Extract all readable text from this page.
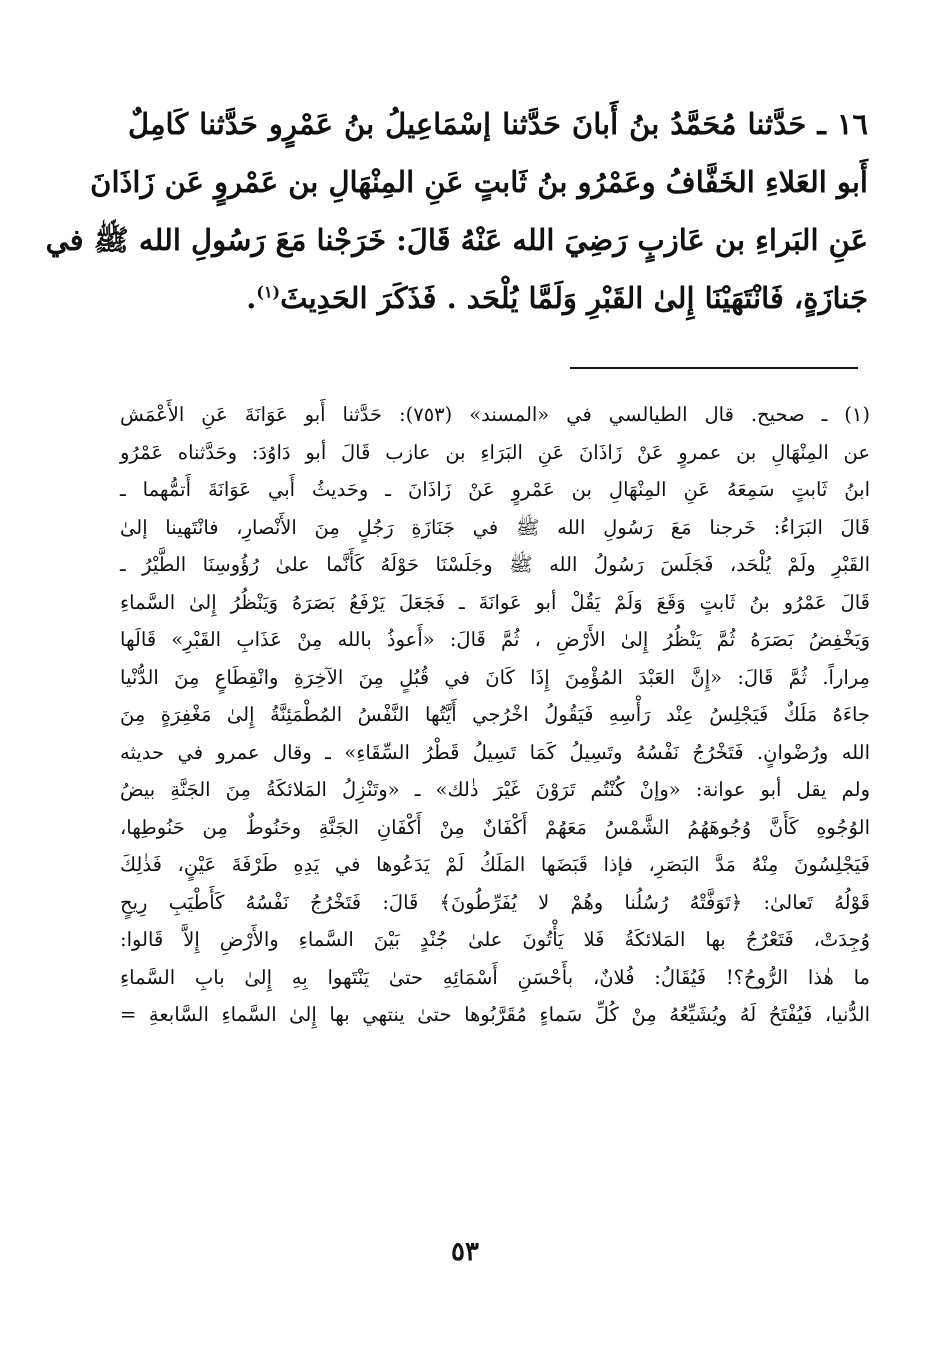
١٦ ـ حَدَّثنا مُحَمَّدُ بنُ أَبانَ حَدَّثنا إسْمَاعِيلُ بنُ عَمْرٍو حَدَّثنا كَامِلٌ
أَبو العَلاءِ الخَفَّافُ وعَمْرُو بنُ ثَابتٍ عَنِ المِنْهَالِ بن عَمْروٍ عَن زَاذَانَ
عَنِ البَراءِ بن عَازبٍ رَضِيَ الله عَنْهُ قَالَ: خَرَجْنا مَعَ رَسُولِ الله ﷺ في
جَنازَةٍ، فَانْتَهَيْنَا إِلىٰ القَبْرِ وَلَمَّا يُلْحَد . فَذَكَرَ الحَدِيثَ$^{(١)}$.
(١) ـ صحيح. قال الطيالسي في «المسند» (٧٥٣): حَدَّثنا أَبو عَوَانَةَ عَنِ الأَعْمَش
عن المِنْهَالِ بن عمروٍ عَنْ زَاذَانَ عَنِ البَرَاءِ بن عازب قَالَ أبو دَاوُدَ: وحَدَّثناه عَمْرُو
ابنُ ثَابتٍ سَمِعَهُ عَنِ المِنْهَالِ بن عَمْروٍ عَنْ زَاذَانَ ـ وحَديثُ أَبي عَوَانَةَ أَتمُّهما ـ
قَالَ البَرَاءُ: خَرجنا مَعَ رَسُولِ الله ﷺ في جَنَازَةِ رَجُلٍ مِنَ الأَنْصارِ، فانْتَهينا إلىٰ
القَبْرِ ولَمْ يُلْحَد، فَجَلَسَ رَسُولُ الله ﷺ وجَلَسْنَا حَوْلَهُ كَأَنَّما علىٰ رُؤُوسِنَا الطَّيْرُ ـ
قَالَ عَمْرُو بنُ ثَابتٍ وَقَعَ وَلَمْ يَقُلْ أبو عَوانَةَ ـ فَجَعَلَ يَرْفَعُ بَصَرَهُ وَيَنْظُرُ إِلىٰ السَّماءِ
وَيَخْفِضُ بَصَرَهُ ثُمَّ يَنْظُرُ إِلىٰ الأَرْضِ ، ثُمَّ قَالَ: «أَعوذُ بالله مِنْ عَذَابِ القَبْرِ» قَالَها
مِراراً. ثُمَّ قَالَ: «إِنَّ العَبْدَ المُؤْمِنَ إِذَا كَانَ في قُبُلٍ مِنَ الآخِرَةِ وانْقِطَاعٍ مِنَ الدُّنْيا
جاءَهُ مَلَكٌ فَيَجْلِسُ عِنْد رَأْسِهِ فَيَقُولُ اخْرُجي أَيَّتُها النَّفْسُ المُطْمَئِنَّةُ إِلىٰ مَغْفِرَةٍ مِنَ
الله ورُضْوانٍ. فَتَخْرُجُ نَفْسُهُ وتَسِيلُ كَمَا تَسِيلُ قَطْرُ السِّقَاءِ» ـ وقال عمرو في حديثه
ولم يقل أبو عوانة: «وإنْ كُنْتُم تَرَوْنَ غَيْرَ ذٰلك» ـ «وتَنْزِلُ المَلائكَةُ مِنَ الجَنَّةِ بيضُ
الوُجُوهِ كَأَنَّ وُجُوهَهُمُ الشَّمْسُ مَعَهُمْ أَكْفَانٌ مِنْ أَكْفَانِ الجَنَّةِ وحَنُوطٌ مِن حَنُوطِها،
فَيَجْلِسُونَ مِنْهُ مَدَّ البَصَرِ، فإذا قَبَضَها المَلَكُ لَمْ يَدَعُوها في يَدِهِ طَرْفَةَ عَيْنٍ، فَذٰلِكَ
قَوْلُهُ تَعالىٰ: ﴿تَوَفَّتْهُ رُسُلُنا وهُمْ لا يُفَرِّطُونَ﴾ قَالَ: فَتَخْرُجُ نَفْسُهُ كَأَطْيَبِ رِيحٍ
وُجِدَتْ، فَتَعْرُجُ بها المَلائكَةُ فَلا يَأْتُونَ علىٰ جُنْدٍ بَيْنَ السَّماءِ والأَرْضِ إِلاَّ قَالوا:
ما هٰذا الرُّوحُ؟! فَيُقَالُ: فُلانٌ، بأَحْسَنِ أَسْمَائِهِ حتىٰ يَنْتَهوا بِهِ إِلىٰ بابِ السَّماءِ
الدُّنيا، فَيُفْتَحُ لَهُ ويُشَيِّعُهُ مِنْ كُلِّ سَماءٍ مُقَرَّبُوها حتىٰ ينتهي بها إِلىٰ السَّماءِ السَّابعةِ =
٥٣
